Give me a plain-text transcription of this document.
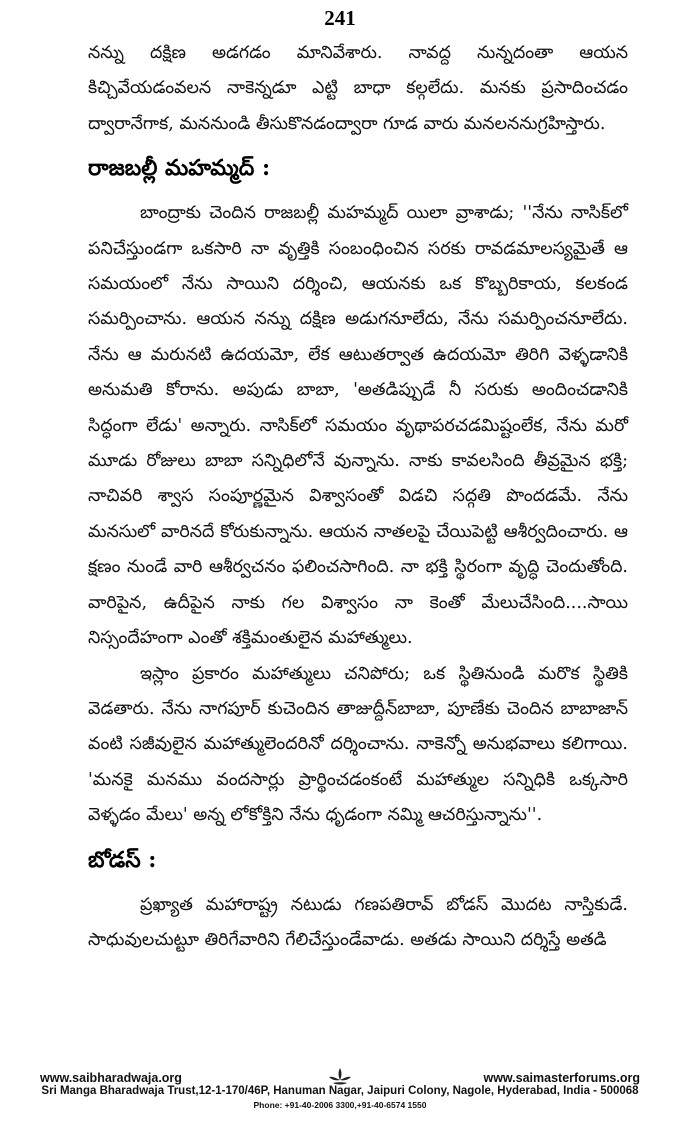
241

నన్ను దక్షిణ అడగడం మానివేశారు. నావద్ద నున్నదంతా ఆయన కిచ్చివేయడంవలన నాకెన్నడూ ఎట్టి బాధా కల్గలేదు. మనకు ప్రసాదించడం ద్వారానేగాక, మననుండి తీసుకొనడంద్వారా గూడ వారు మనలననుగ్రహిస్తారు.

రాజబల్లీ మహమ్మద్ :

బాంద్రాకు చెందిన రాజబల్లీ మహమ్మద్ యిలా వ్రాశాడు; ''నేను నాసిక్‌లో పనిచేస్తుండగా ఒకసారి నా వృత్తికి సంబంధించిన సరకు రావడమాలస్యమైతే ఆ సమయంలో నేను సాయిని దర్శించి, ఆయనకు ఒక కొబ్బరికాయ, కలకండ సమర్పించాను. ఆయన నన్ను దక్షిణ అడుగనూలేదు, నేను సమర్పించనూలేదు. నేను ఆ మరునటి ఉదయమో, లేక ఆటుతర్వాత ఉదయమో తిరిగి వెళ్ళడానికి అనుమతి కోరాను. అపుడు బాబా, 'అతడిప్పుడే నీ సరుకు అందించడానికి సిద్ధంగా లేడు' అన్నారు. నాసిక్‌లో సమయం వృథాపరచడమిష్టంలేక, నేను మరో మూడు రోజులు బాబా సన్నిధిలోనే వున్నాను. నాకు కావలసింది తీవ్రమైన భక్తి; నాచివరి శ్వాస సంపూర్ణమైన విశ్వాసంతో విడచి సద్గతి పొందడమే. నేను మనసులో వారినదే కోరుకున్నాను. ఆయన నాతలపై చేయిపెట్టి ఆశీర్వదించారు. ఆ క్షణం నుండే వారి ఆశీర్వచనం ఫలించసాగింది. నా భక్తి స్థిరంగా వృద్ధి చెందుతోంది. వారిపైన, ఉదీపైన నాకు గల విశ్వాసం నా కెంతో మేలుచేసింది....సాయి నిస్సందేహంగా ఎంతో శక్తిమంతులైన మహాత్ములు.

ఇస్లాం ప్రకారం మహాత్ములు చనిపోరు; ఒక స్థితినుండి మరొక స్థితికి వెడతారు. నేను నాగపూర్ కుచెందిన తాజుద్దీన్‌బాబా, పూణేకు చెందిన బాబాజాన్ వంటి సజీవులైన మహాత్ములెందరినో దర్శించాను. నాకెన్నో అనుభవాలు కలిగాయి. 'మనకై మనము వందసార్లు ప్రార్థించడంకంటే మహాత్ముల సన్నిధికి ఒక్కసారి వెళ్ళడం మేలు' అన్న లోకోక్తిని నేను ధృడంగా నమ్మి ఆచరిస్తున్నాను''.

బోడస్ :

ప్రఖ్యాత మహారాష్ట్ర నటుడు గణపతిరావ్ బోడస్ మొదట నాస్తికుడే. సాధువులచుట్టూ తిరిగేవారిని గేలిచేస్తుండేవాడు. అతడు సాయిని దర్శిస్తే అతడి

www.saibharadwaja.org	www.saimasterforums.org
Sri Manga Bharadwaja Trust,12-1-170/46P, Hanuman Nagar, Jaipuri Colony, Nagole, Hyderabad, India - 500068
Phone: +91-40-2006 3300,+91-40-6574 1550
